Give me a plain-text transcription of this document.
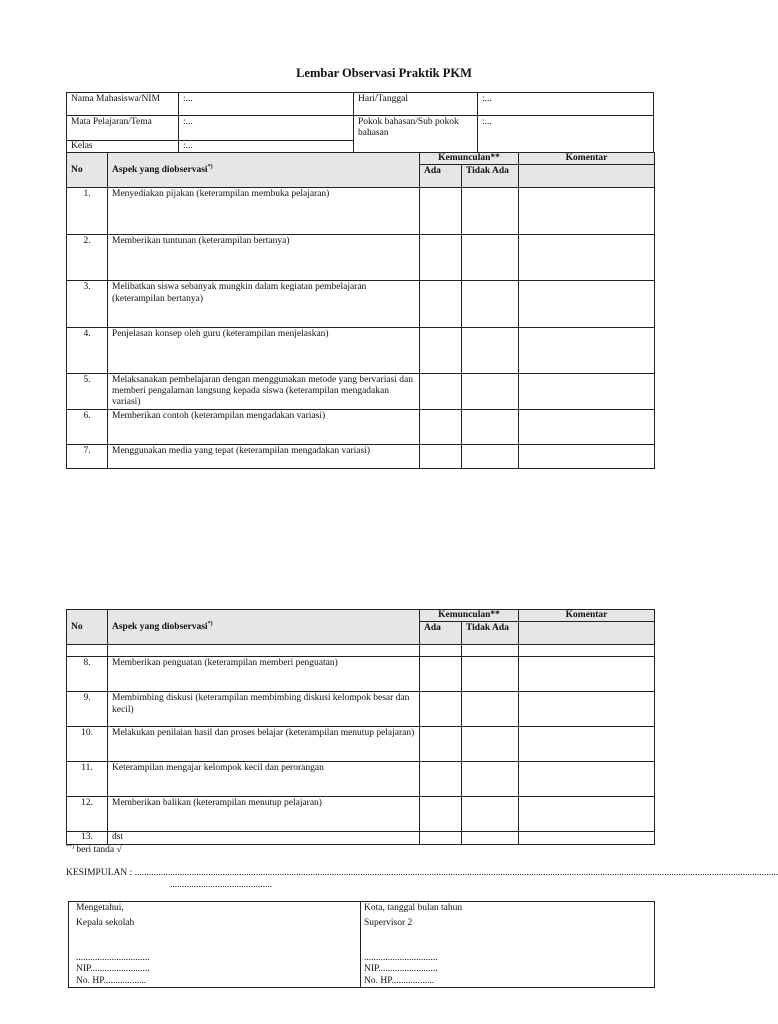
Lembar Observasi Praktik PKM
Nama Mahasiswa/NIM	:...	Hari/Tanggal	:...
Mata Pelajaran/Tema	:...	Pokok bahasan/Sub pokok bahasan	:...
Kelas	:...		
No	Aspek yang diobservasi*)	Kemunculan**		Komentar
		Ada	Tidak Ada	
1.	Menyediakan pijakan (keterampilan membuka pelajaran)			
2.	Memberikan tuntunan (keterampilan bertanya)			
3.	Melibatkan siswa sebanyak mungkin dalam kegiatan pembelajaran (keterampilan bertanya)			
4.	Penjelasan konsep oleh guru (keterampilan menjelaskan)			
5.	Melaksanakan pembelajaran dengan menggunakan metode yang bervariasi dan memberi pengalaman langsung kepada siswa (keterampilan mengadakan variasi)			
6.	Memberikan contoh (keterampilan mengadakan variasi)			
7.	Menggunakan media yang tepat (keterampilan mengadakan variasi)			
No	Aspek yang diobservasi*)	Kemunculan**		Komentar
		Ada	Tidak Ada	

8.	Memberikan penguatan (keterampilan memberi penguatan)			
9.	Membimbing diskusi (keterampilan membimbing diskusi kelompok besar dan kecil)			
10.	Melakukan penilaian hasil dan proses belajar (keterampilan menutup pelajaran)			
11.	Keterampilan mengajar kelompok kecil dan perorangan			
12.	Memberikan balikan (keterampilan menutup pelajaran)			
13.	dst			
**) beri tanda √
KESIMPULAN : ...............................................................................................................................................................................................................................................................................
...........................................
Mengetahui,
Kepala sekolah
...............................
NIP.........................
No. HP..................
Kota, tanggal bulan tahun
Supervisor 2
...............................
NIP.........................
No. HP..................
